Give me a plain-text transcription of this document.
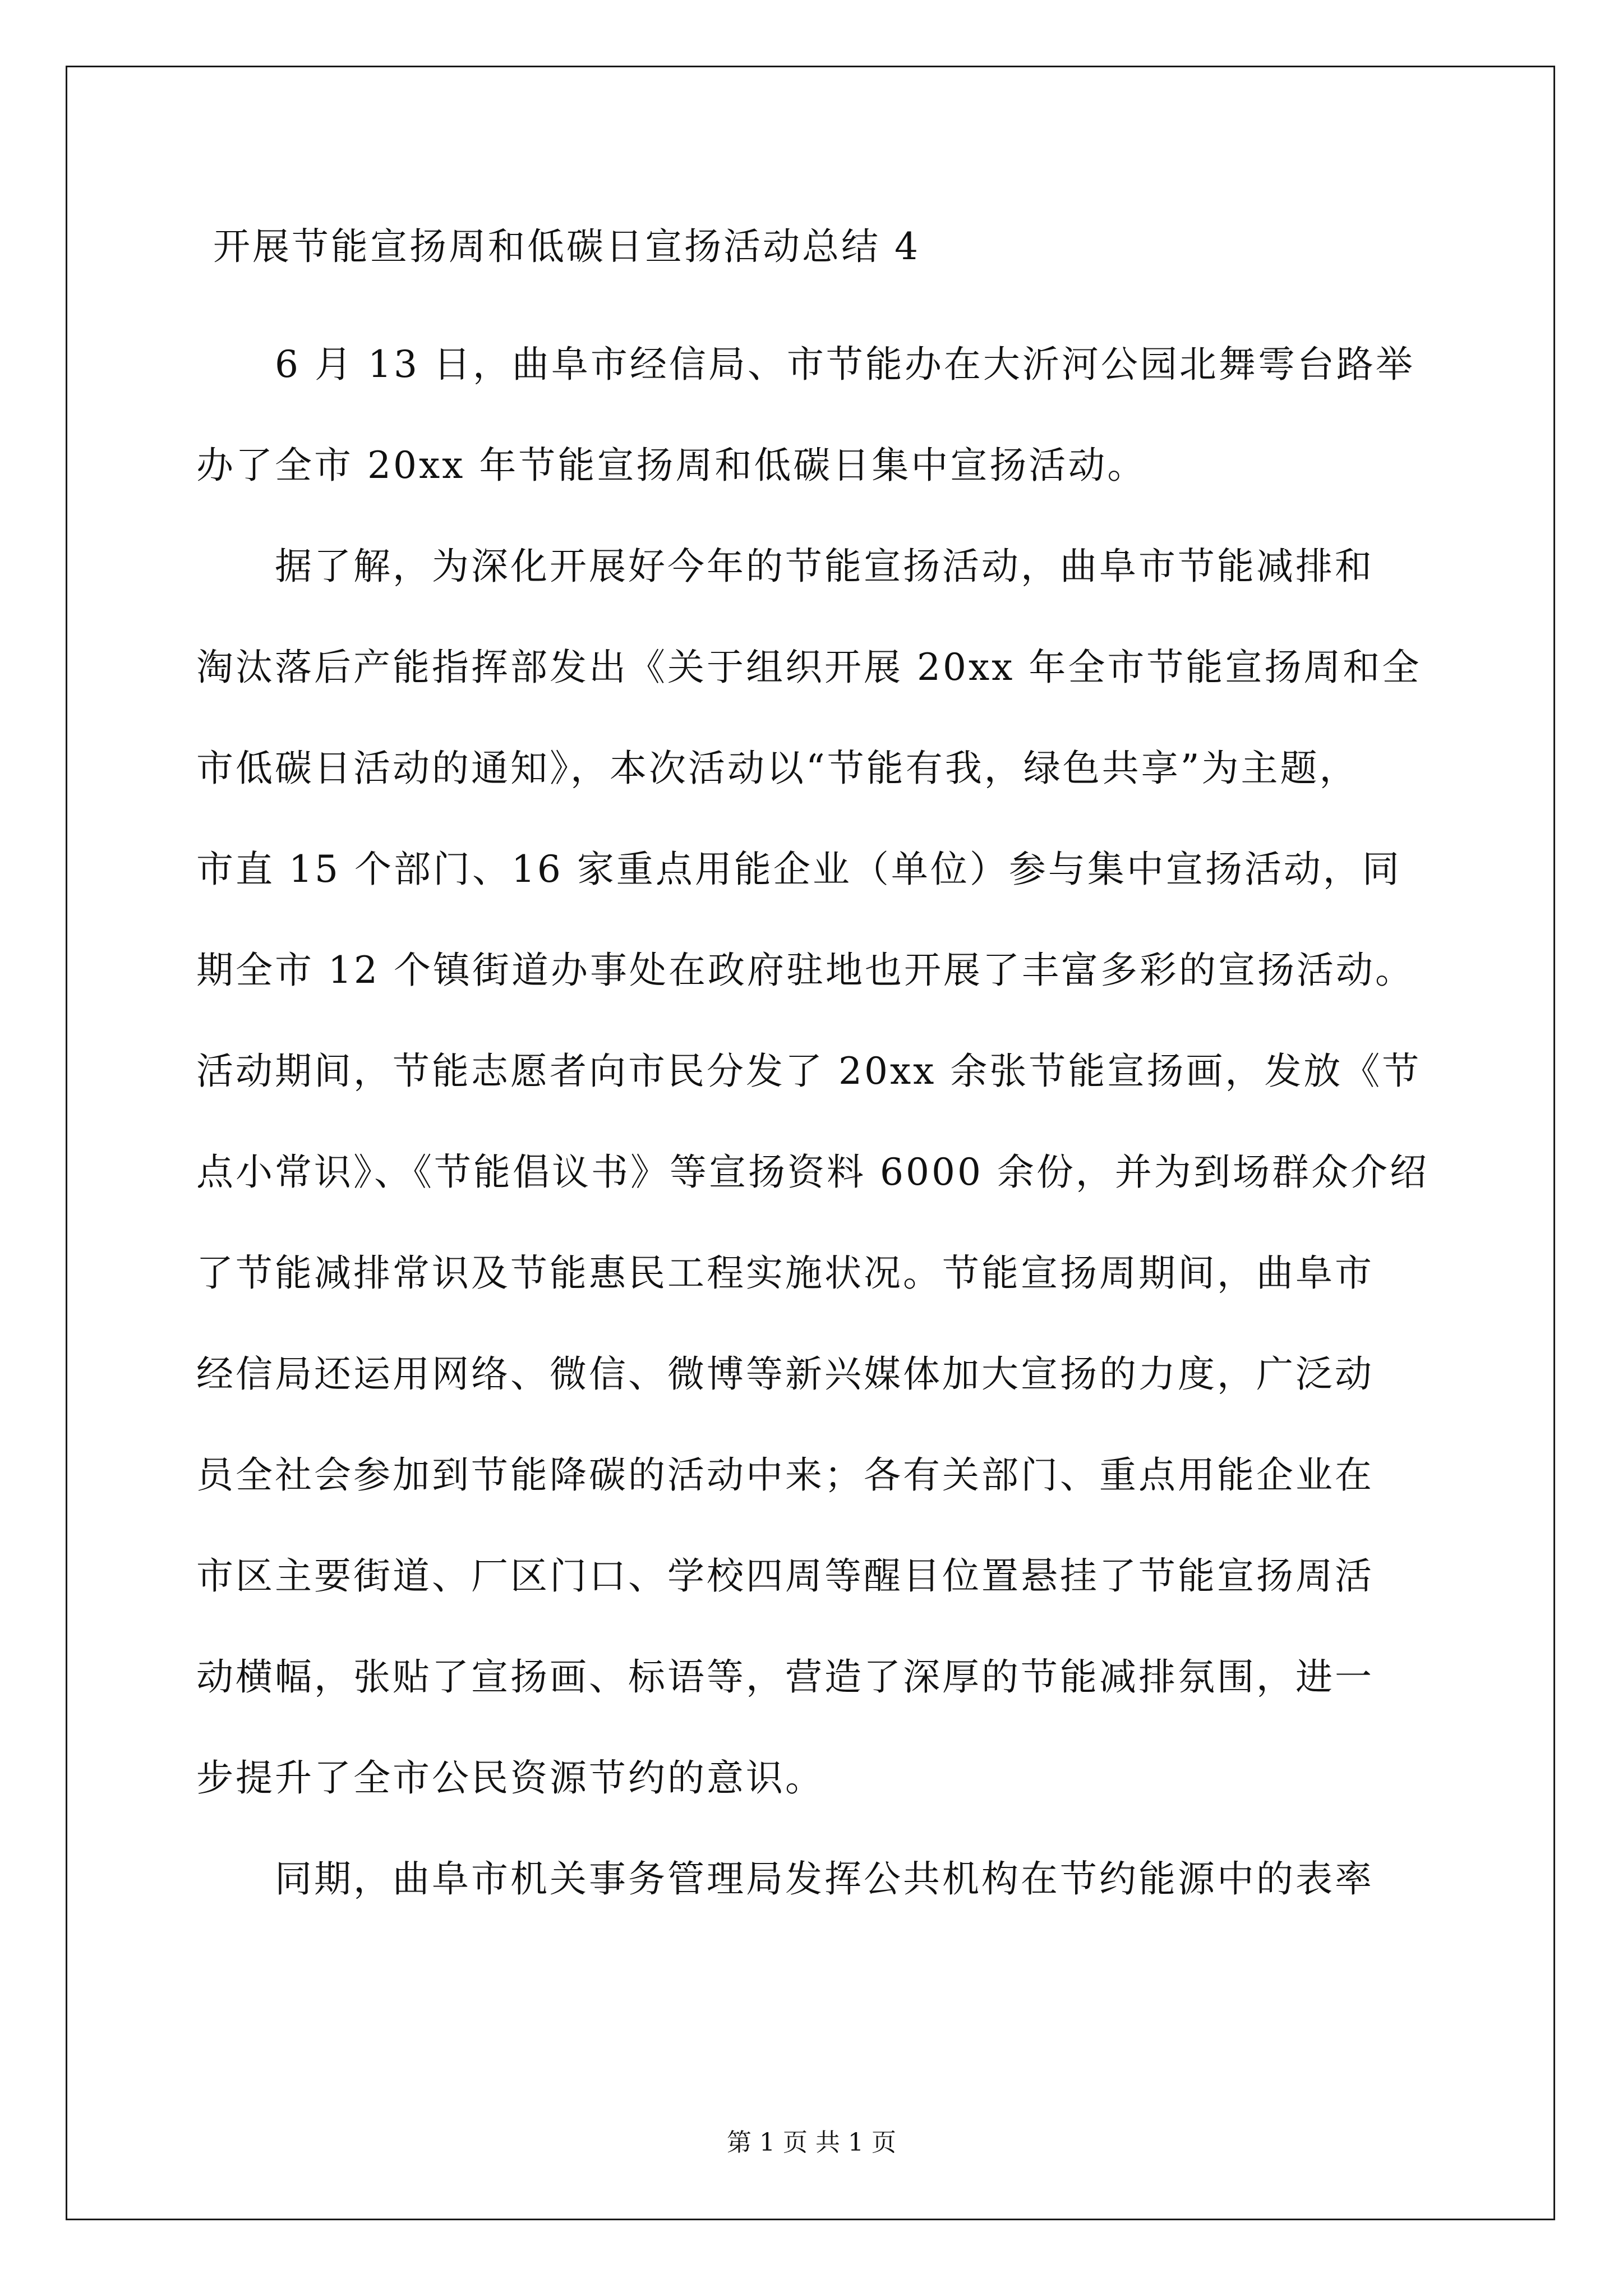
开展节能宣扬周和低碳日宣扬活动总结 4
6 月 13 日，曲阜市经信局、市节能办在大沂河公园北舞雩台路举
办了全市 20xx 年节能宣扬周和低碳日集中宣扬活动。
据了解，为深化开展好今年的节能宣扬活动，曲阜市节能减排和
淘汰落后产能指挥部发出《关于组织开展 20xx 年全市节能宣扬周和全
市低碳日活动的通知》，本次活动以“节能有我，绿色共享”为主题，
市直 15 个部门、16 家重点用能企业（单位）参与集中宣扬活动，同
期全市 12 个镇街道办事处在政府驻地也开展了丰富多彩的宣扬活动。
活动期间，节能志愿者向市民分发了 20xx 余张节能宣扬画，发放《节
点小常识》、《节能倡议书》等宣扬资料 6000 余份，并为到场群众介绍
了节能减排常识及节能惠民工程实施状况。节能宣扬周期间，曲阜市
经信局还运用网络、微信、微博等新兴媒体加大宣扬的力度，广泛动
员全社会参加到节能降碳的活动中来；各有关部门、重点用能企业在
市区主要街道、厂区门口、学校四周等醒目位置悬挂了节能宣扬周活
动横幅，张贴了宣扬画、标语等，营造了深厚的节能减排氛围，进一
步提升了全市公民资源节约的意识。
同期，曲阜市机关事务管理局发挥公共机构在节约能源中的表率
第 1 页 共 1 页
